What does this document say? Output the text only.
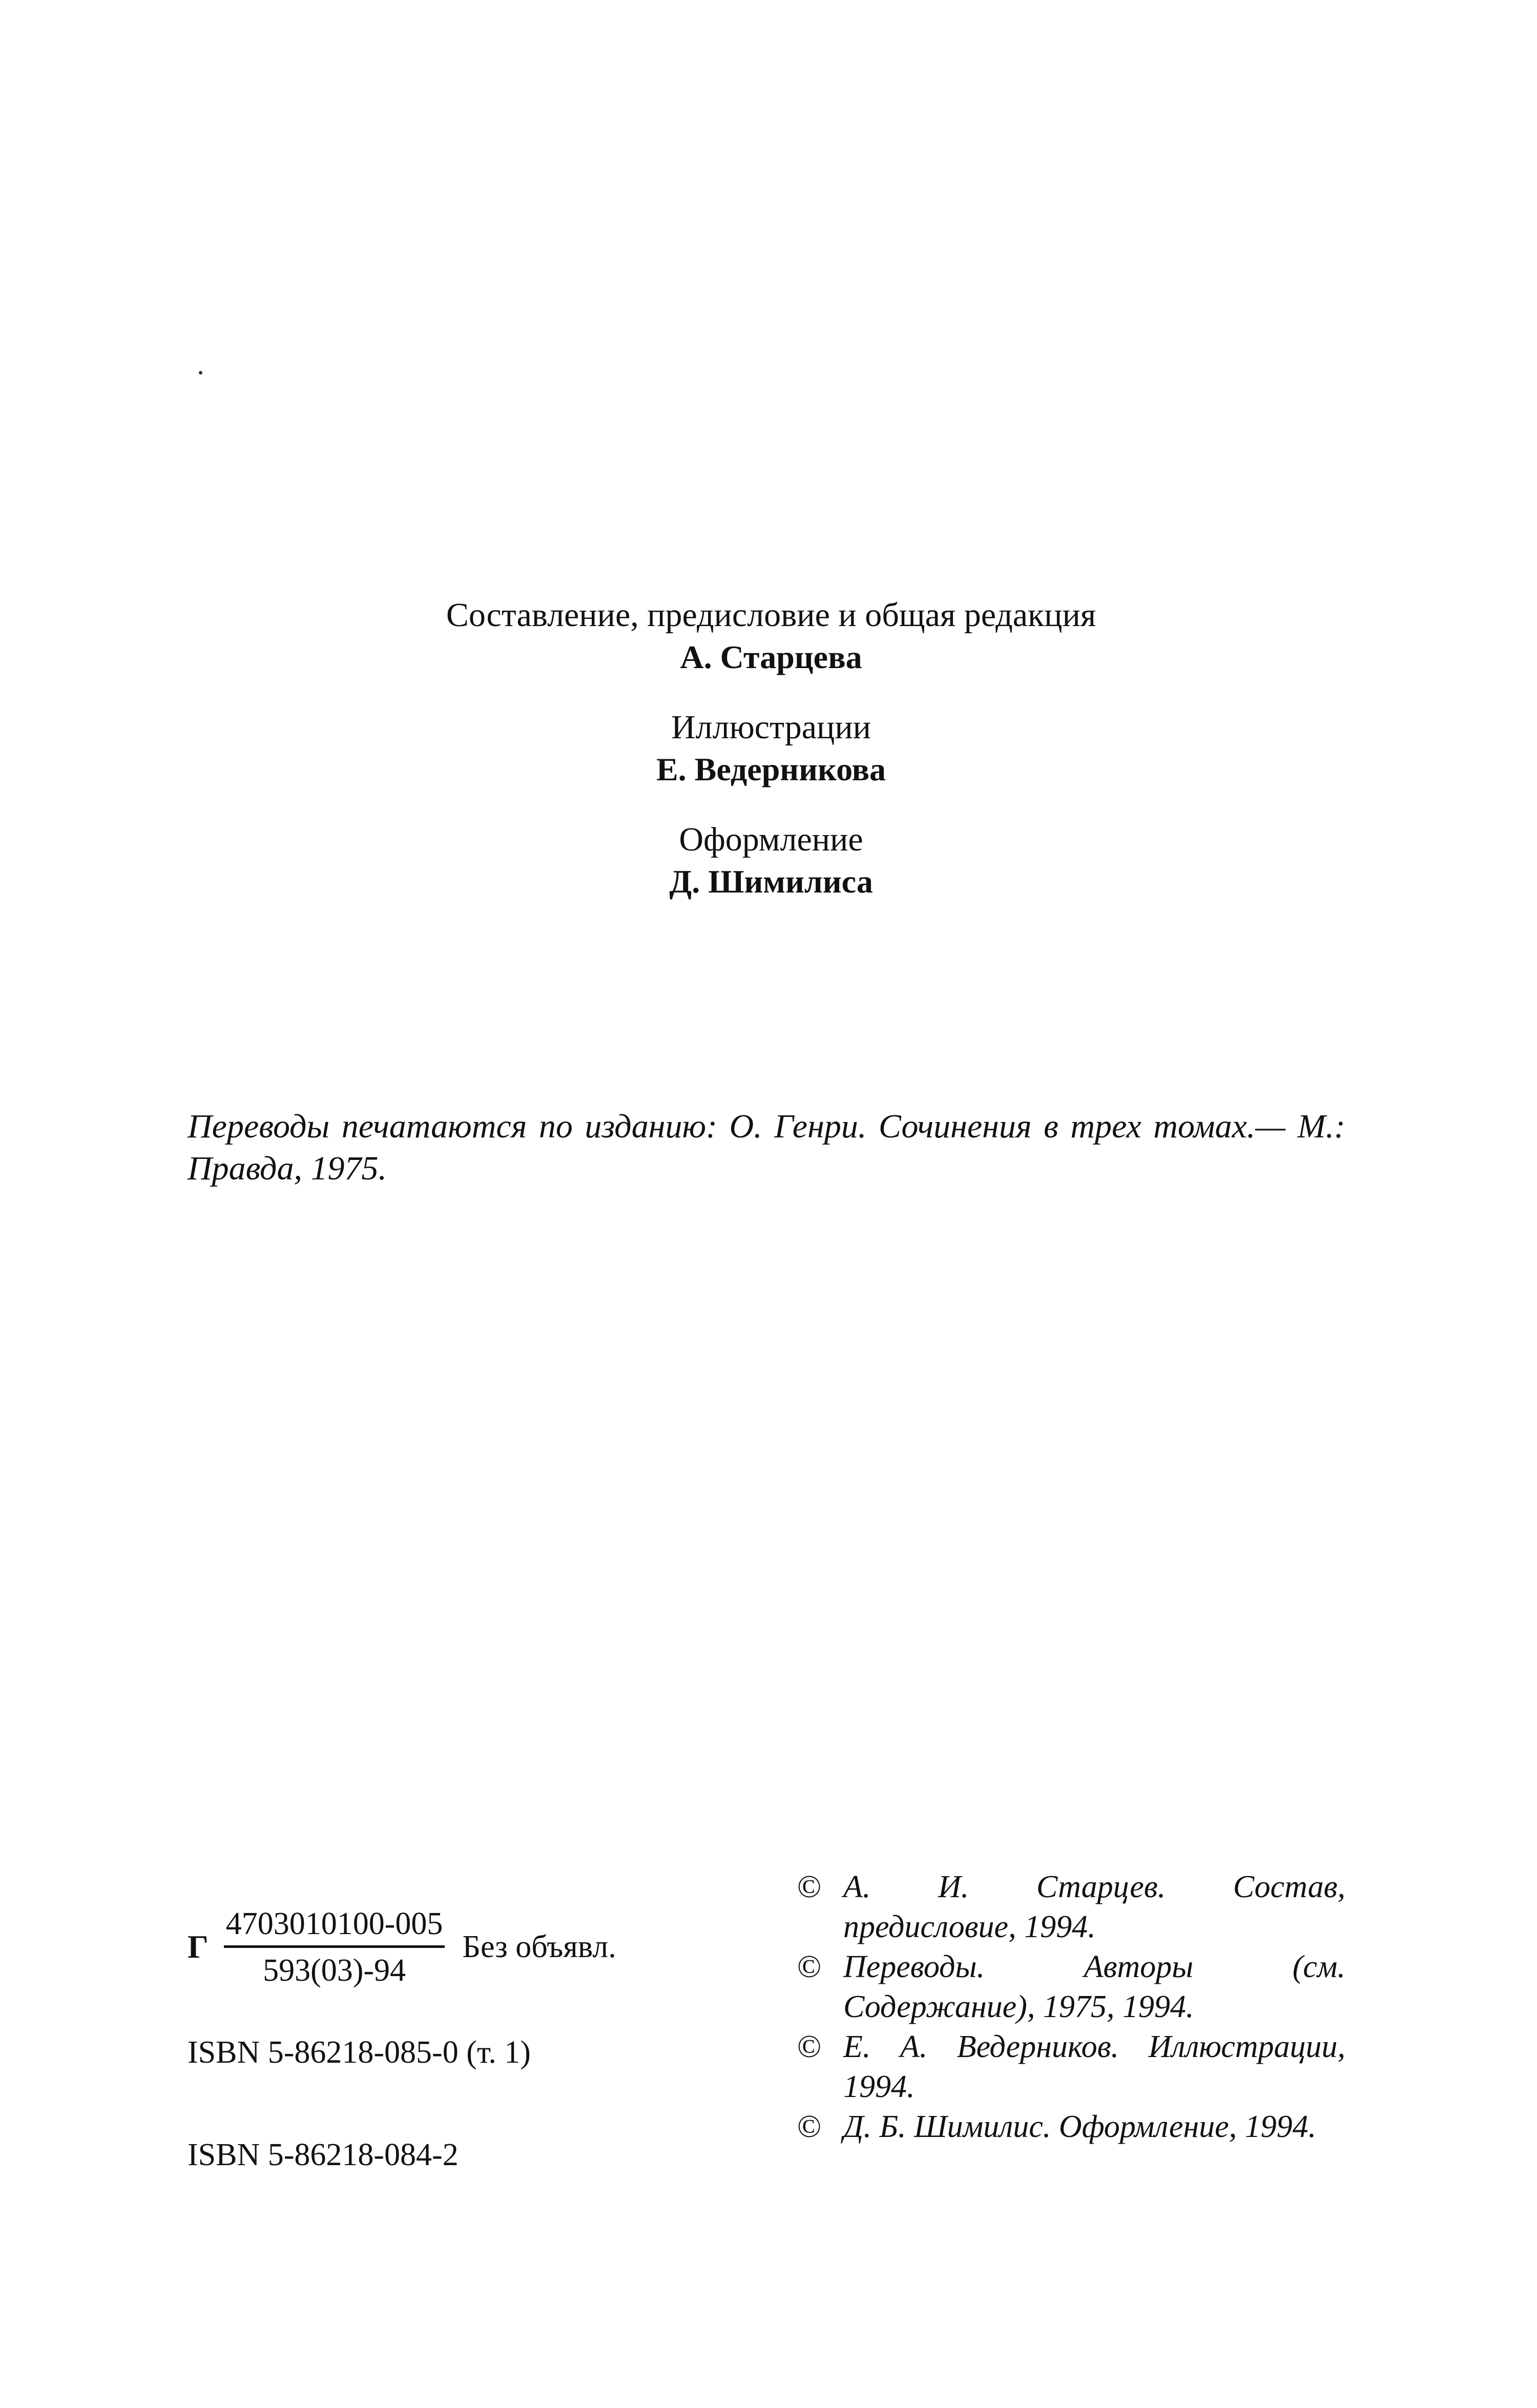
Составление, предисловие и общая редакция
А. Старцева
Иллюстрации
Е. Ведерникова
Оформление
Д. Шимилиса
Переводы печатаются по изданию: О. Генри. Сочинения в трех томах.— М.: Правда, 1975.
Г $\frac{4703010100-005}{593(03)-94}$ Без объявл.
ISBN 5-86218-085-0 (т. 1)
ISBN 5-86218-084-2
© А. И. Старцев. Состав, предисловие, 1994.
© Переводы. Авторы (см. Содержание), 1975, 1994.
© Е. А. Ведерников. Иллюстрации, 1994.
© Д. Б. Шимилис. Оформление, 1994.
